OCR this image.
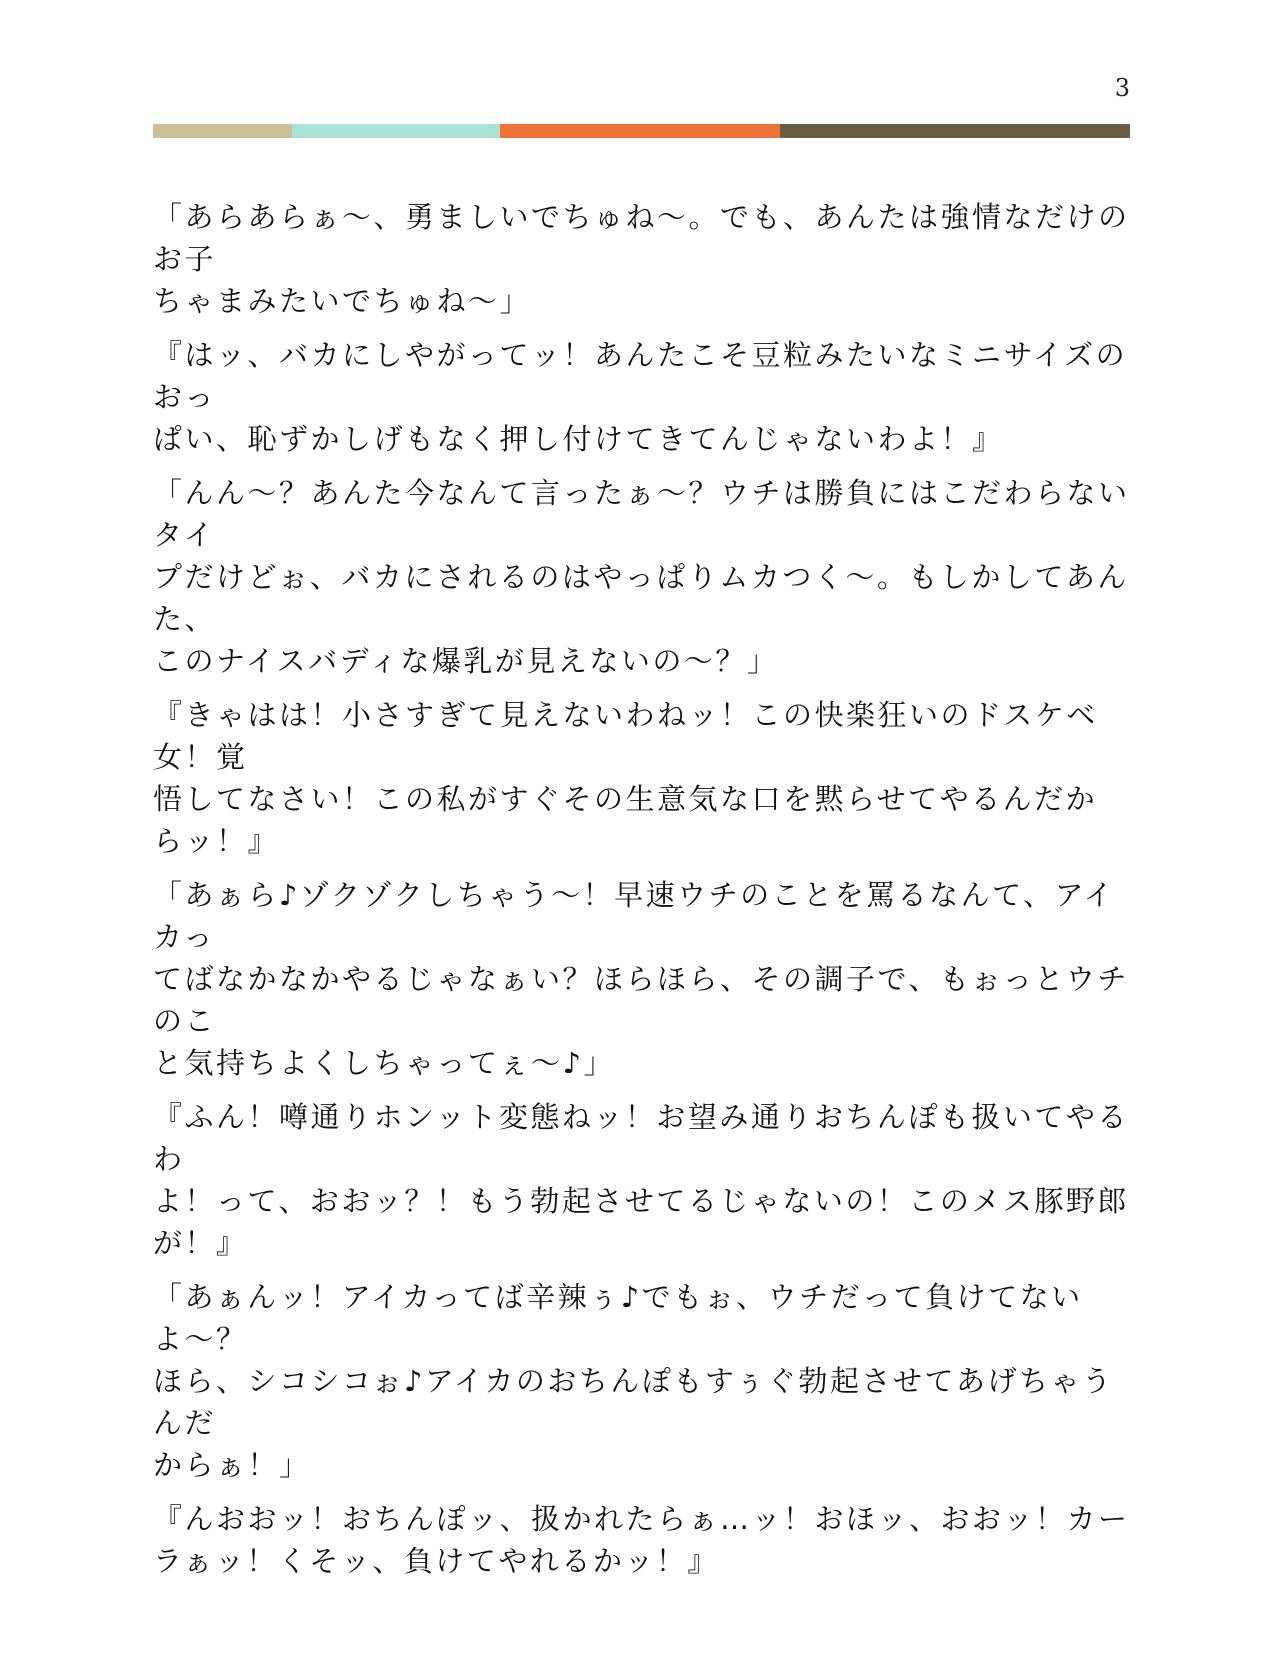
3

「あらあらぁ〜、勇ましいでちゅね〜。でも、あんたは強情なだけのお子
ちゃまみたいでちゅね〜」

『はッ、バカにしやがってッ！あんたこそ豆粒みたいなミニサイズのおっ
ぱい、恥ずかしげもなく押し付けてきてんじゃないわよ！』

「んん〜？あんた今なんて言ったぁ〜？ウチは勝負にはこだわらないタイ
プだけどぉ、バカにされるのはやっぱりムカつく〜。もしかしてあんた、
このナイスバディな爆乳が見えないの〜？」

『きゃはは！小さすぎて見えないわねッ！この快楽狂いのドスケベ女！覚
悟してなさい！この私がすぐその生意気な口を黙らせてやるんだか
らッ！』

「あぁら♪ゾクゾクしちゃう〜！早速ウチのことを罵るなんて、アイカっ
てばなかなかやるじゃなぁい？ほらほら、その調子で、もぉっとウチのこ
と気持ちよくしちゃってぇ〜♪」

『ふん！噂通りホンット変態ねッ！お望み通りおちんぽも扱いてやるわ
よ！って、おおッ？！もう勃起させてるじゃないの！このメス豚野郎
が！』

「あぁんッ！アイカってば辛辣ぅ♪でもぉ、ウチだって負けてないよ〜？
ほら、シコシコぉ♪アイカのおちんぽもすぅぐ勃起させてあげちゃうんだ
からぁ！」

『んおおッ！おちんぽッ、扱かれたらぁ…ッ！おほッ、おおッ！カー
ラぁッ！くそッ、負けてやれるかッ！』
